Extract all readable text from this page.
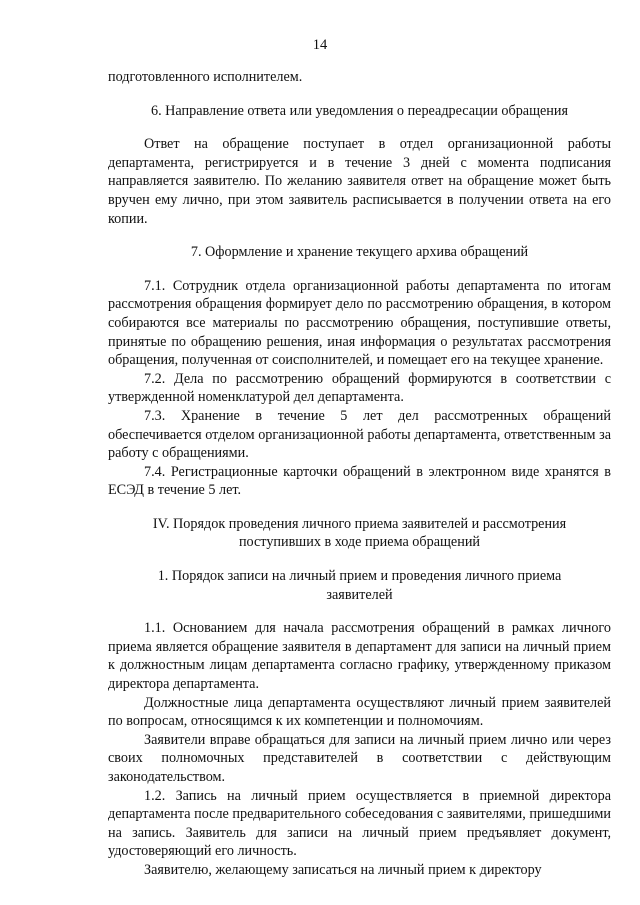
14

подготовленного исполнителем.

6. Направление ответа или уведомления о переадресации обращения

Ответ на обращение поступает в отдел организационной работы департамента, регистрируется и в течение 3 дней с момента подписания направляется заявителю. По желанию заявителя ответ на обращение может быть вручен ему лично, при этом заявитель расписывается в получении ответа на его копии.

7. Оформление и хранение текущего архива обращений

7.1. Сотрудник отдела организационной работы департамента по итогам рассмотрения обращения формирует дело по рассмотрению обращения, в котором собираются все материалы по рассмотрению обращения, поступившие ответы, принятые по обращению решения, иная информация о результатах рассмотрения обращения, полученная от соисполнителей, и помещает его на текущее хранение.

7.2. Дела по рассмотрению обращений формируются в соответствии с утвержденной номенклатурой дел департамента.

7.3. Хранение в течение 5 лет дел рассмотренных обращений обеспечивается отделом организационной работы департамента, ответственным за работу с обращениями.

7.4. Регистрационные карточки обращений в электронном виде хранятся в ЕСЭД в течение 5 лет.

IV. Порядок проведения личного приема заявителей и рассмотрения

поступивших в ходе приема обращений

1. Порядок записи на личный прием и проведения личного приема

заявителей

1.1. Основанием для начала рассмотрения обращений в рамках личного приема является обращение заявителя в департамент для записи на личный прием к должностным лицам департамента согласно графику, утвержденному приказом директора департамента.

Должностные лица департамента осуществляют личный прием заявителей по вопросам, относящимся к их компетенции и полномочиям.

Заявители вправе обращаться для записи на личный прием лично или через своих полномочных представителей в соответствии с действующим законодательством.

1.2. Запись на личный прием осуществляется в приемной директора департамента после предварительного собеседования с заявителями, пришедшими на запись. Заявитель для записи на личный прием предъявляет документ, удостоверяющий его личность.

Заявителю, желающему записаться на личный прием к директору
